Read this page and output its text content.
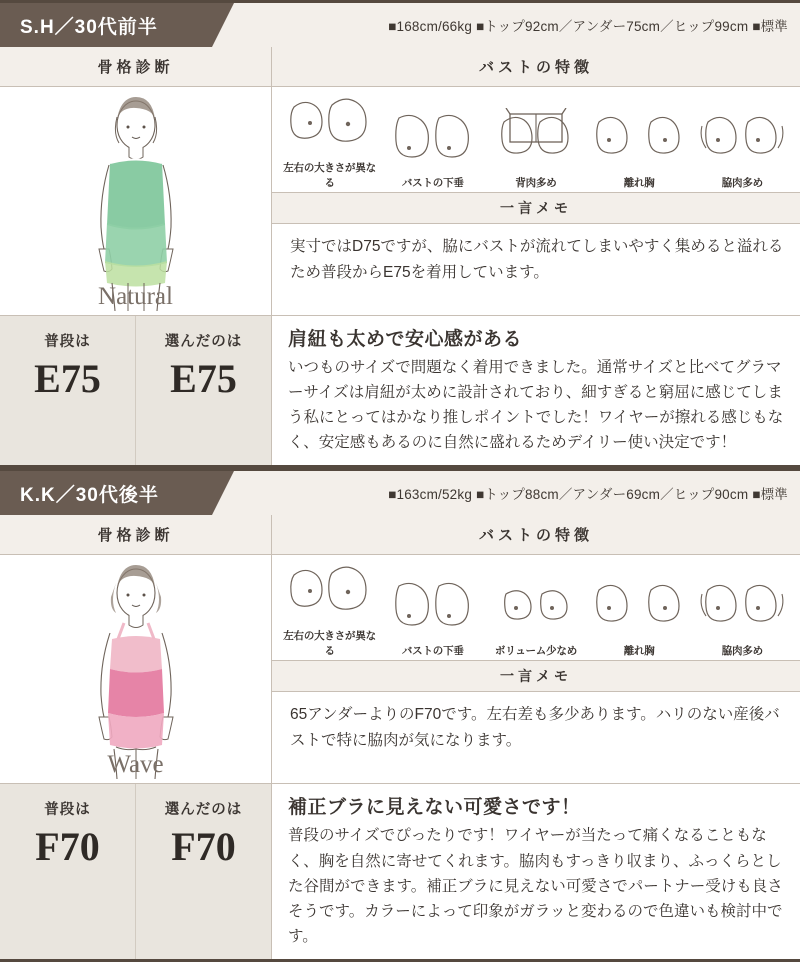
S.H／30代前半	■168cm/66kg ■トップ92cm／アンダー75cm／ヒップ99cm ■標準
骨格診断	バストの特徴
Natural
左右の大きさが異なる	バストの下垂	背肉多め	離れ胸	脇肉多め
一言メモ
実寸ではD75ですが、脇にバストが流れてしまいやすく集めると溢れるため普段からE75を着用しています。
普段は
E75
選んだのは
E75
肩紐も太めで安心感がある
いつものサイズで問題なく着用できました。通常サイズと比べてグラマーサイズは肩紐が太めに設計されており、細すぎると窮屈に感じてしまう私にとってはかなり推しポイントでした！ワイヤーが擦れる感じもなく、安定感もあるのに自然に盛れるためデイリー使い決定です！
K.K／30代後半	■163cm/52kg ■トップ88cm／アンダー69cm／ヒップ90cm ■標準
骨格診断	バストの特徴
Wave
左右の大きさが異なる	バストの下垂	ボリューム少なめ	離れ胸	脇肉多め
一言メモ
65アンダーよりのF70です。左右差も多少あります。ハリのない産後バストで特に脇肉が気になります。
普段は
F70
選んだのは
F70
補正ブラに見えない可愛さです！
普段のサイズでぴったりです！ワイヤーが当たって痛くなることもなく、胸を自然に寄せてくれます。脇肉もすっきり収まり、ふっくらとした谷間ができます。補正ブラに見えない可愛さでパートナー受けも良さそうです。カラーによって印象がガラッと変わるので色違いも検討中です。
